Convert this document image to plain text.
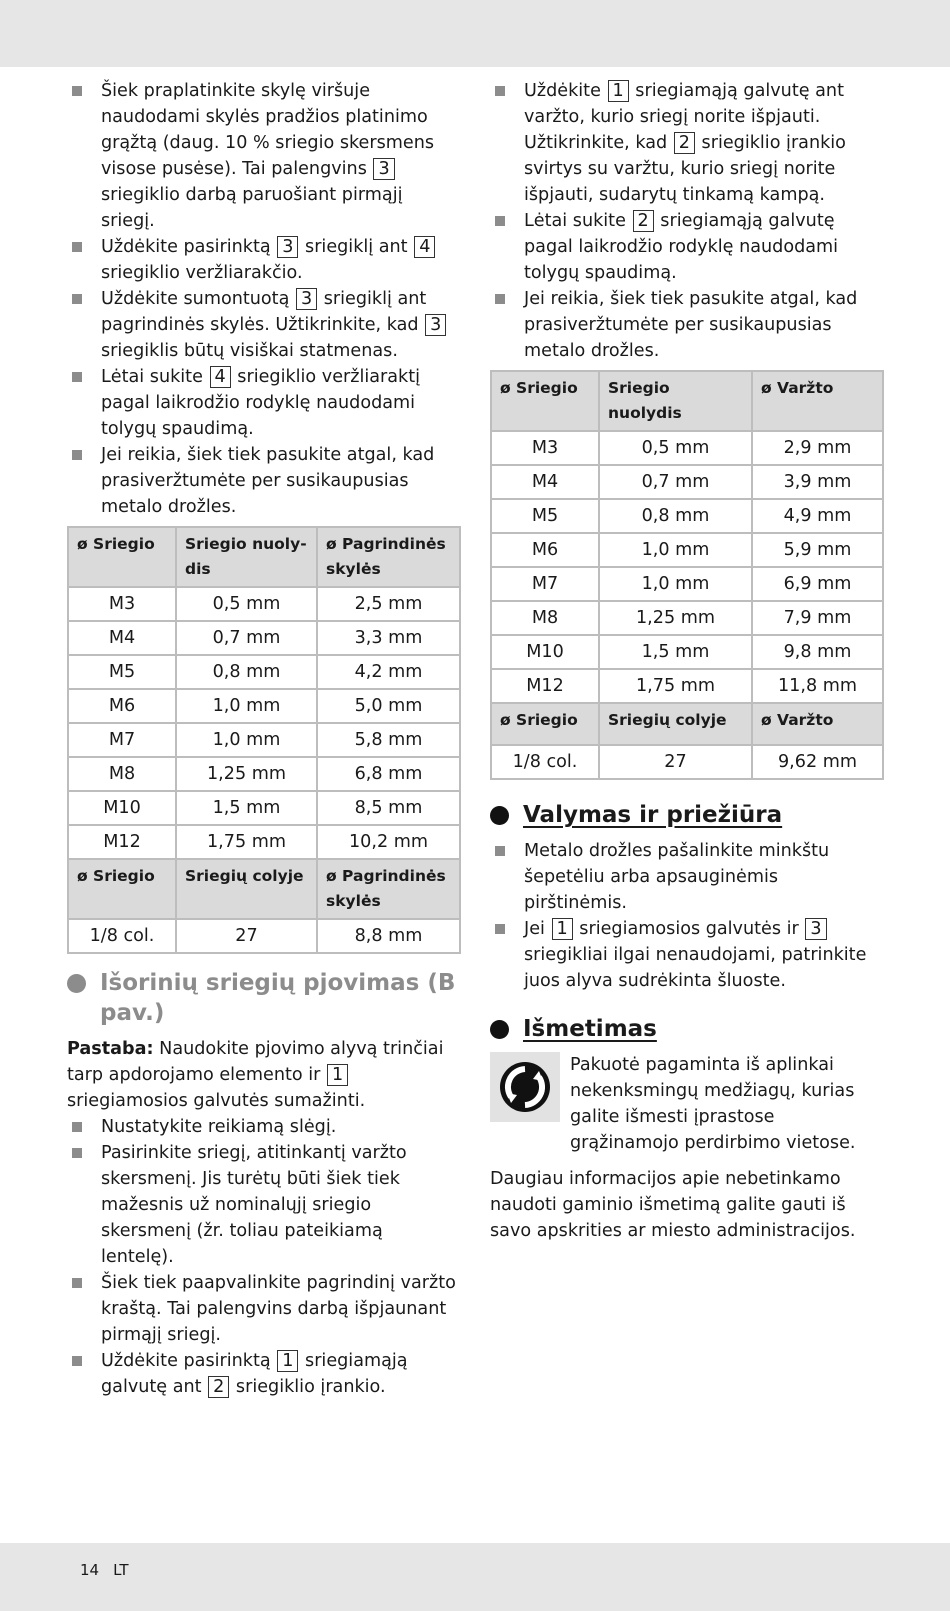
Šiek praplatinkite skylę viršuje naudodami skylės pradžios platinimo grąžtą (daug. 10 % sriegio skersmens visose pusėse). Tai palengvins 3 sriegiklio darbą paruošiant pirmąjį sriegį.
Uždėkite pasirinktą 3 sriegiklį ant 4 sriegiklio veržliarakčio.
Uždėkite sumontuotą 3 sriegiklį ant pagrindinės skylės. Užtikrinkite, kad 3 sriegiklis būtų visiškai statmenas.
Lėtai sukite 4 sriegiklio veržliaraktį pagal laikrodžio rodyklę naudodami tolygų spaudimą.
Jei reikia, šiek tiek pasukite atgal, kad prasiveržtumėte per susikaupusias metalo drožles.
ø Sriegio	Sriegio nuoly-dis	ø Pagrindinės skylės
M3	0,5 mm	2,5 mm
M4	0,7 mm	3,3 mm
M5	0,8 mm	4,2 mm
M6	1,0 mm	5,0 mm
M7	1,0 mm	5,8 mm
M8	1,25 mm	6,8 mm
M10	1,5 mm	8,5 mm
M12	1,75 mm	10,2 mm
ø Sriegio	Sriegių colyje	ø Pagrindinės skylės
1/8 col.	27	8,8 mm
Išorinių sriegių pjovimas (B pav.)

Pastaba: Naudokite pjovimo alyvą trinčiai tarp apdorojamo elemento ir 1 sriegiamosios galvutės sumažinti.

Nustatykite reikiamą slėgį.
Pasirinkite sriegį, atitinkantį varžto skersmenį. Jis turėtų būti šiek tiek mažesnis už nominalųjį sriegio skersmenį (žr. toliau pateikiamą lentelę).
Šiek tiek paapvalinkite pagrindinį varžto kraštą. Tai palengvins darbą išpjaunant pirmąjį sriegį.
Uždėkite pasirinktą 1 sriegiamąją galvutę ant 2 sriegiklio įrankio.
Uždėkite 1 sriegiamąją galvutę ant varžto, kurio sriegį norite išpjauti. Užtikrinkite, kad 2 sriegiklio įrankio svirtys su varžtu, kurio sriegį norite išpjauti, sudarytų tinkamą kampą.
Lėtai sukite 2 sriegiamąją galvutę pagal laikrodžio rodyklę naudodami tolygų spaudimą.
Jei reikia, šiek tiek pasukite atgal, kad prasiveržtumėte per susikaupusias metalo drožles.
ø Sriegio	Sriegio nuolydis	ø Varžto
M3	0,5 mm	2,9 mm
M4	0,7 mm	3,9 mm
M5	0,8 mm	4,9 mm
M6	1,0 mm	5,9 mm
M7	1,0 mm	6,9 mm
M8	1,25 mm	7,9 mm
M10	1,5 mm	9,8 mm
M12	1,75 mm	11,8 mm
ø Sriegio	Sriegių colyje	ø Varžto
1/8 col.	27	9,62 mm
Valymas ir priežiūra
Metalo drožles pašalinkite minkštu šepetėliu arba apsauginėmis pirštinėmis.
Jei 1 sriegiamosios galvutės ir 3 sriegikliai ilgai nenaudojami, patrinkite juos alyva sudrėkinta šluoste.
Išmetimas

Pakuotė pagaminta iš aplinkai nekenksmingų medžiagų, kurias galite išmesti įprastose grąžinamojo perdirbimo vietose.

Daugiau informacijos apie nebetinkamo naudoti gaminio išmetimą galite gauti iš savo apskrities ar miesto administracijos.

14 LT
